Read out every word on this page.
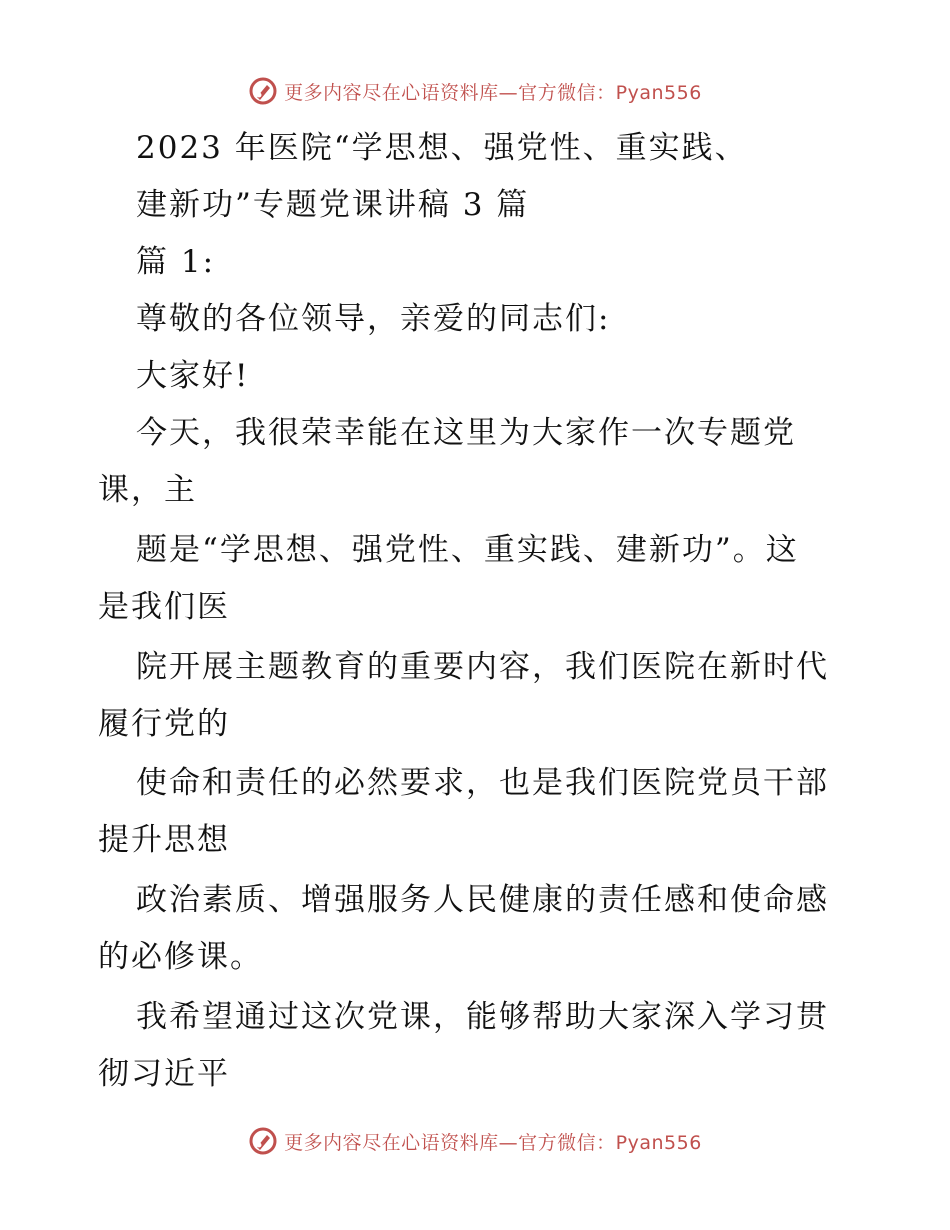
更多内容尽在心语资料库—官方微信：Pyan556
2023 年医院“学思想、强党性、重实践、
建新功”专题党课讲稿 3 篇
篇 1:
尊敬的各位领导，亲爱的同志们:
大家好!
今天，我很荣幸能在这里为大家作一次专题党
课，主
题是“学思想、强党性、重实践、建新功”。这
是我们医
院开展主题教育的重要内容，我们医院在新时代
履行党的
使命和责任的必然要求，也是我们医院党员干部
提升思想
政治素质、增强服务人民健康的责任感和使命感
的必修课。
我希望通过这次党课，能够帮助大家深入学习贯
彻习近平
更多内容尽在心语资料库—官方微信：Pyan556
